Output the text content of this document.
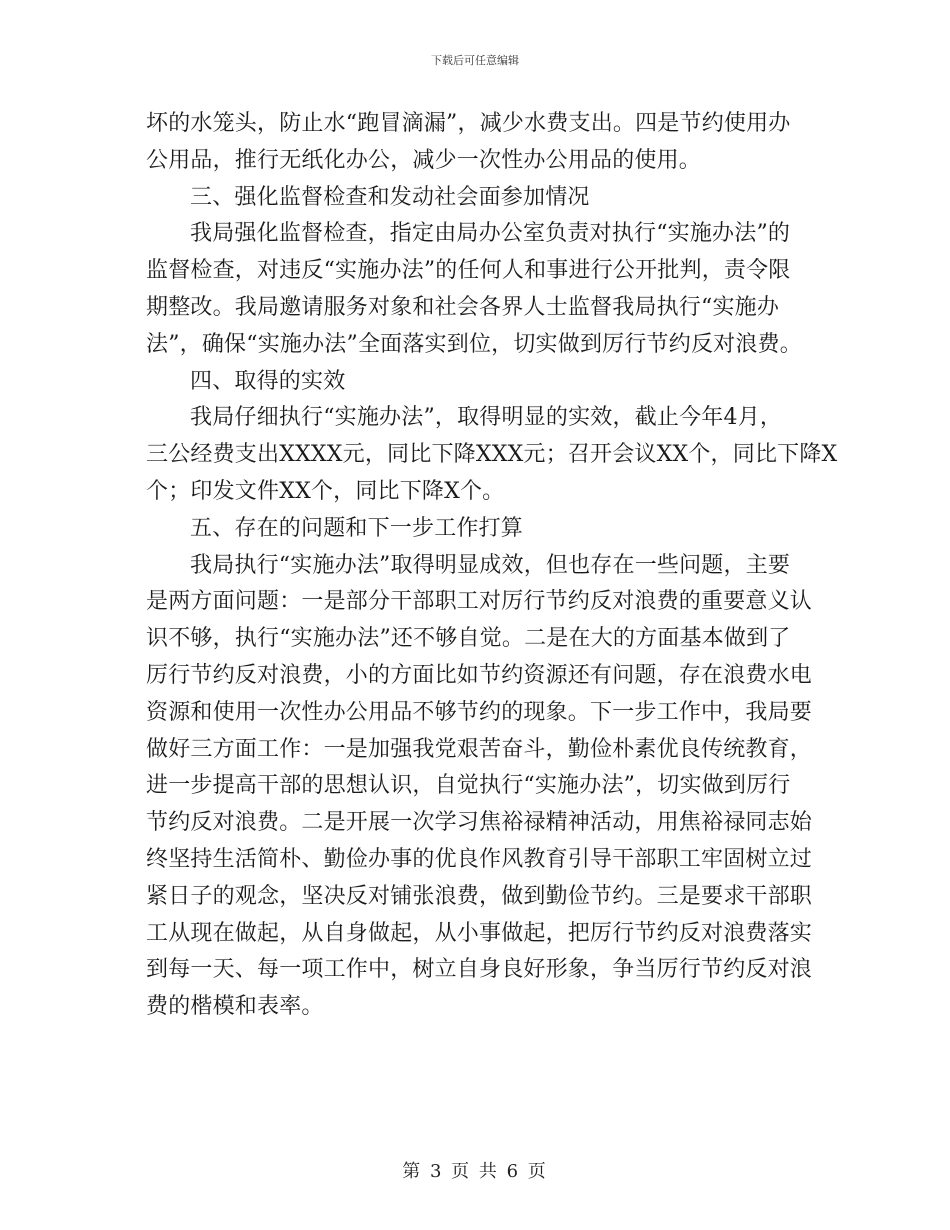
下载后可任意编辑
坏的水笼头，防止水“跑冒滴漏”，减少水费支出。四是节约使用办
公用品，推行无纸化办公，减少一次性办公用品的使用。
三、强化监督检查和发动社会面参加情况
我局强化监督检查，指定由局办公室负责对执行“实施办法”的
监督检查，对违反“实施办法”的任何人和事进行公开批判，责令限
期整改。我局邀请服务对象和社会各界人士监督我局执行“实施办
法”，确保“实施办法”全面落实到位，切实做到厉行节约反对浪费。
四、取得的实效
我局仔细执行“实施办法”，取得明显的实效，截止今年4月，
三公经费支出XXXX元，同比下降XXX元；召开会议XX个，同比下降X
个；印发文件XX个，同比下降X个。
五、存在的问题和下一步工作打算
我局执行“实施办法”取得明显成效，但也存在一些问题，主要
是两方面问题：一是部分干部职工对厉行节约反对浪费的重要意义认
识不够，执行“实施办法”还不够自觉。二是在大的方面基本做到了
厉行节约反对浪费，小的方面比如节约资源还有问题，存在浪费水电
资源和使用一次性办公用品不够节约的现象。下一步工作中，我局要
做好三方面工作：一是加强我党艰苦奋斗，勤俭朴素优良传统教育，
进一步提高干部的思想认识，自觉执行“实施办法”，切实做到厉行
节约反对浪费。二是开展一次学习焦裕禄精神活动，用焦裕禄同志始
终坚持生活简朴、勤俭办事的优良作风教育引导干部职工牢固树立过
紧日子的观念，坚决反对铺张浪费，做到勤俭节约。三是要求干部职
工从现在做起，从自身做起，从小事做起，把厉行节约反对浪费落实
到每一天、每一项工作中，树立自身良好形象，争当厉行节约反对浪
费的楷模和表率。
第 3 页 共 6 页
